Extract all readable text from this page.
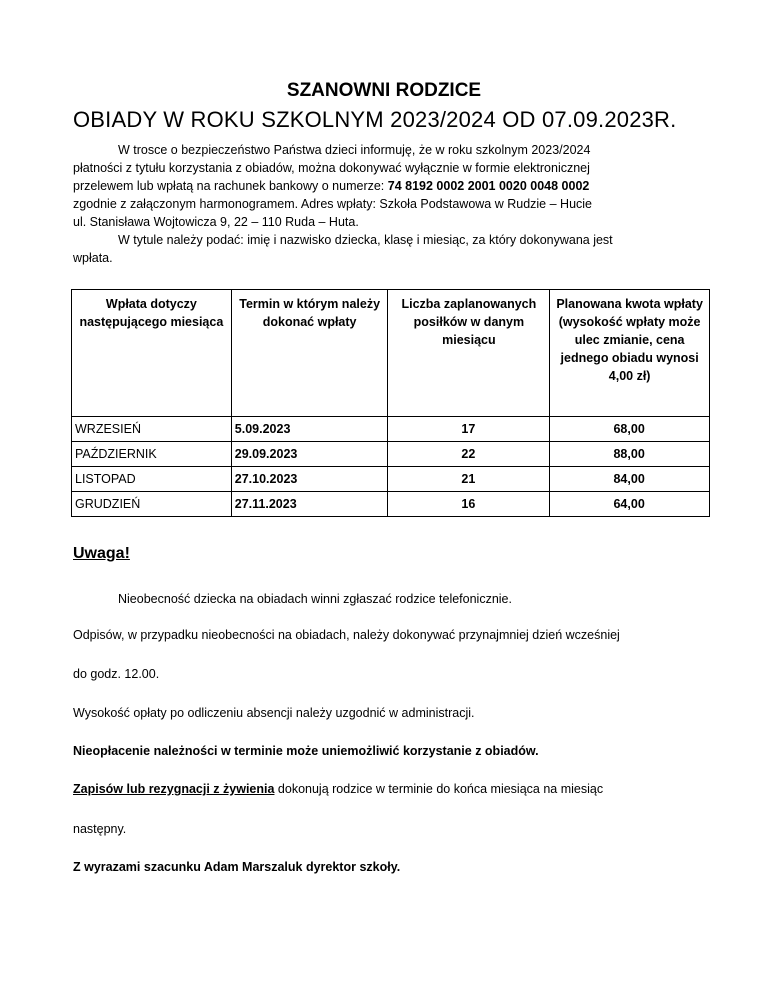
SZANOWNI RODZICE
OBIADY W ROKU SZKOLNYM 2023/2024 OD 07.09.2023R.

W trosce o bezpieczeństwo Państwa dzieci informuję, że w roku szkolnym 2023/2024

płatności z tytułu korzystania z obiadów, można dokonywać wyłącznie w formie elektronicznej

przelewem lub wpłatą na rachunek bankowy o numerze: 74 8192 0002 2001 0020 0048 0002

zgodnie z załączonym harmonogramem. Adres wpłaty: Szkoła Podstawowa w Rudzie – Hucie

ul. Stanisława Wojtowicza 9, 22 – 110 Ruda – Huta.

W tytule należy podać: imię i nazwisko dziecka, klasę i miesiąc, za który dokonywana jest

wpłata.

Wpłata dotyczy następującego miesiąca	Termin w którym należy dokonać wpłaty	Liczba zaplanowanych posiłków w danym miesiącu	Planowana kwota wpłaty (wysokość wpłaty może ulec zmianie, cena jednego obiadu wynosi 4,00 zł)
WRZESIEŃ	5.09.2023	17	68,00
PAŹDZIERNIK	29.09.2023	22	88,00
LISTOPAD	27.10.2023	21	84,00
GRUDZIEŃ	27.11.2023	16	64,00
Uwaga!

Nieobecność dziecka na obiadach winni zgłaszać rodzice telefonicznie.

Odpisów, w przypadku nieobecności na obiadach, należy dokonywać przynajmniej dzień wcześniej

do godz. 12.00.

Wysokość opłaty po odliczeniu absencji należy uzgodnić w administracji.

Nieopłacenie należności w terminie może uniemożliwić korzystanie z obiadów.

Zapisów lub rezygnacji z żywienia dokonują rodzice w terminie do końca miesiąca na miesiąc

następny.

Z wyrazami szacunku Adam Marszaluk dyrektor szkoły.
